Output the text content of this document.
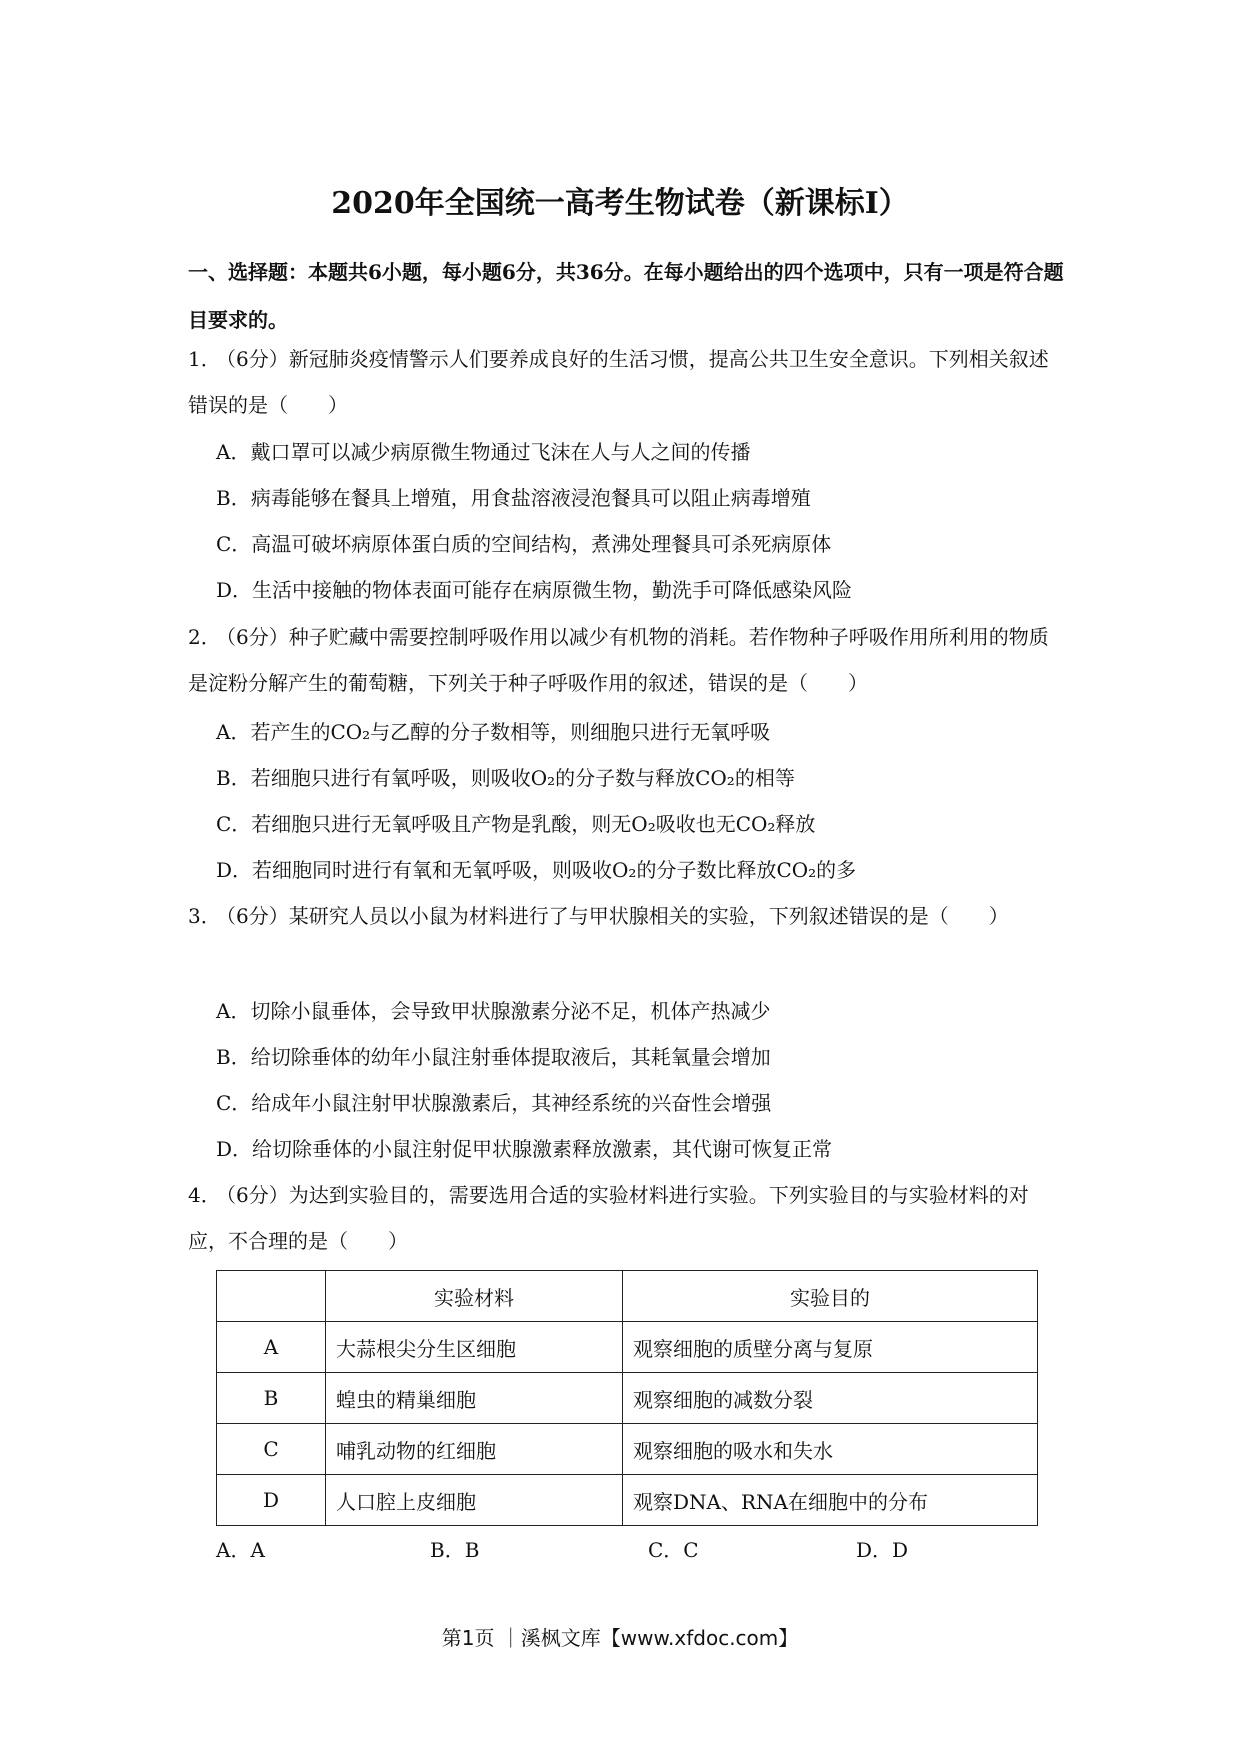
2020年全国统一高考生物试卷（新课标Ⅰ）
一、选择题：本题共6小题，每小题6分，共36分。在每小题给出的四个选项中，只有一项是符合题目要求的。
1．（6分）新冠肺炎疫情警示人们要养成良好的生活习惯，提高公共卫生安全意识。下列相关叙述错误的是（　　）
A．戴口罩可以减少病原微生物通过飞沫在人与人之间的传播
B．病毒能够在餐具上增殖，用食盐溶液浸泡餐具可以阻止病毒增殖
C．高温可破坏病原体蛋白质的空间结构，煮沸处理餐具可杀死病原体
D．生活中接触的物体表面可能存在病原微生物，勤洗手可降低感染风险
2．（6分）种子贮藏中需要控制呼吸作用以减少有机物的消耗。若作物种子呼吸作用所利用的物质是淀粉分解产生的葡萄糖，下列关于种子呼吸作用的叙述，错误的是（　　）
A．若产生的CO₂与乙醇的分子数相等，则细胞只进行无氧呼吸
B．若细胞只进行有氧呼吸，则吸收O₂的分子数与释放CO₂的相等
C．若细胞只进行无氧呼吸且产物是乳酸，则无O₂吸收也无CO₂释放
D．若细胞同时进行有氧和无氧呼吸，则吸收O₂的分子数比释放CO₂的多
3．（6分）某研究人员以小鼠为材料进行了与甲状腺相关的实验，下列叙述错误的是（　　）
A．切除小鼠垂体，会导致甲状腺激素分泌不足，机体产热减少
B．给切除垂体的幼年小鼠注射垂体提取液后，其耗氧量会增加
C．给成年小鼠注射甲状腺激素后，其神经系统的兴奋性会增强
D．给切除垂体的小鼠注射促甲状腺激素释放激素，其代谢可恢复正常
4．（6分）为达到实验目的，需要选用合适的实验材料进行实验。下列实验目的与实验材料的对应，不合理的是（　　）
	实验材料	实验目的
A	大蒜根尖分生区细胞	观察细胞的质壁分离与复原
B	蝗虫的精巢细胞	观察细胞的减数分裂
C	哺乳动物的红细胞	观察细胞的吸水和失水
D	人口腔上皮细胞	观察DNA、RNA在细胞中的分布
A．A	B．B	C．C	D．D
第1页 ｜溪枫文库【www.xfdoc.com】
